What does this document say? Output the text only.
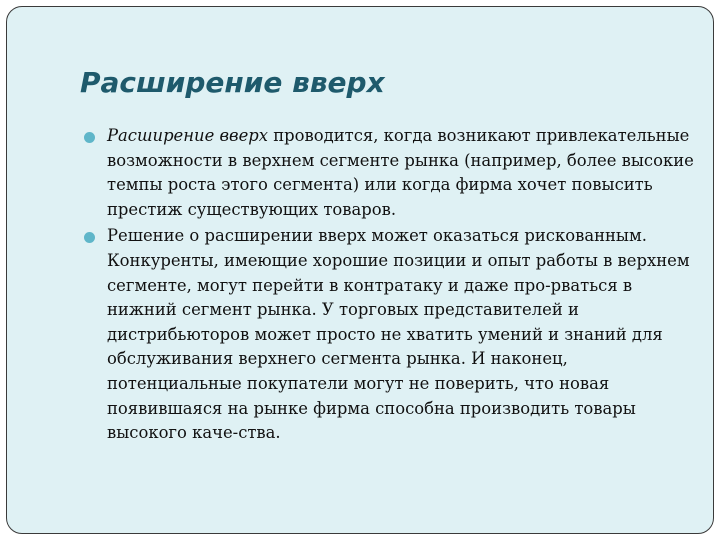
Расширение вверх
Расширение вверх проводится, когда возникают привлекательные возможности в верхнем сегменте рынка (например, более высокие темпы роста этого сегмента) или когда фирма хочет повысить престиж существующих товаров.
Решение о расширении вверх может оказаться рискованным. Конкуренты, имеющие хорошие позиции и опыт работы в верхнем сегменте, могут перейти в контратаку и даже про-рваться в нижний сегмент рынка. У торговых представителей и дистрибьюторов может просто не хватить умений и знаний для обслуживания верхнего сегмента рынка. И наконец, потенциальные покупатели могут не поверить, что новая появившаяся на рынке фирма способна производить товары высокого каче-ства.
